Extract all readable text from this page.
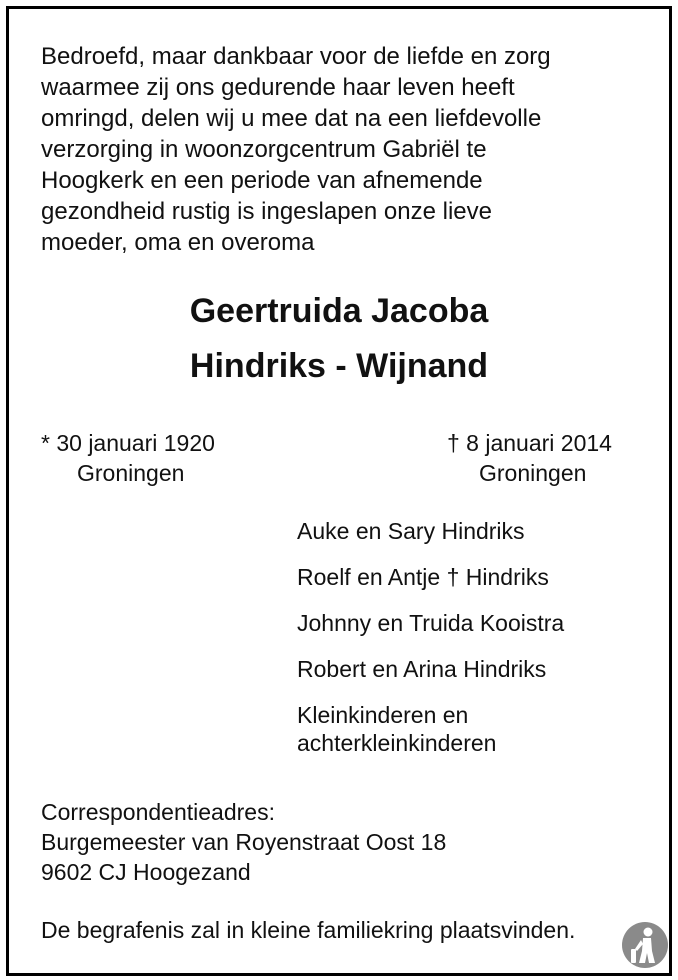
Bedroefd, maar dankbaar voor de liefde en zorg
waarmee zij ons gedurende haar leven heeft
omringd, delen wij u mee dat na een liefdevolle
verzorging in woonzorgcentrum Gabriël te
Hoogkerk en een periode van afnemende
gezondheid rustig is ingeslapen onze lieve
moeder, oma en overoma

Geertruida Jacoba
Hindriks - Wijnand

* 30 januari 1920

Groningen

† 8 januari 2014

Groningen

Auke en Sary Hindriks
Roelf en Antje † Hindriks
Johnny en Truida Kooistra
Robert en Arina Hindriks
Kleinkinderen en
achterkleinkinderen

Correspondentieadres:
Burgemeester van Royenstraat Oost 18
9602 CJ Hoogezand

De begrafenis zal in kleine familiekring plaatsvinden.
